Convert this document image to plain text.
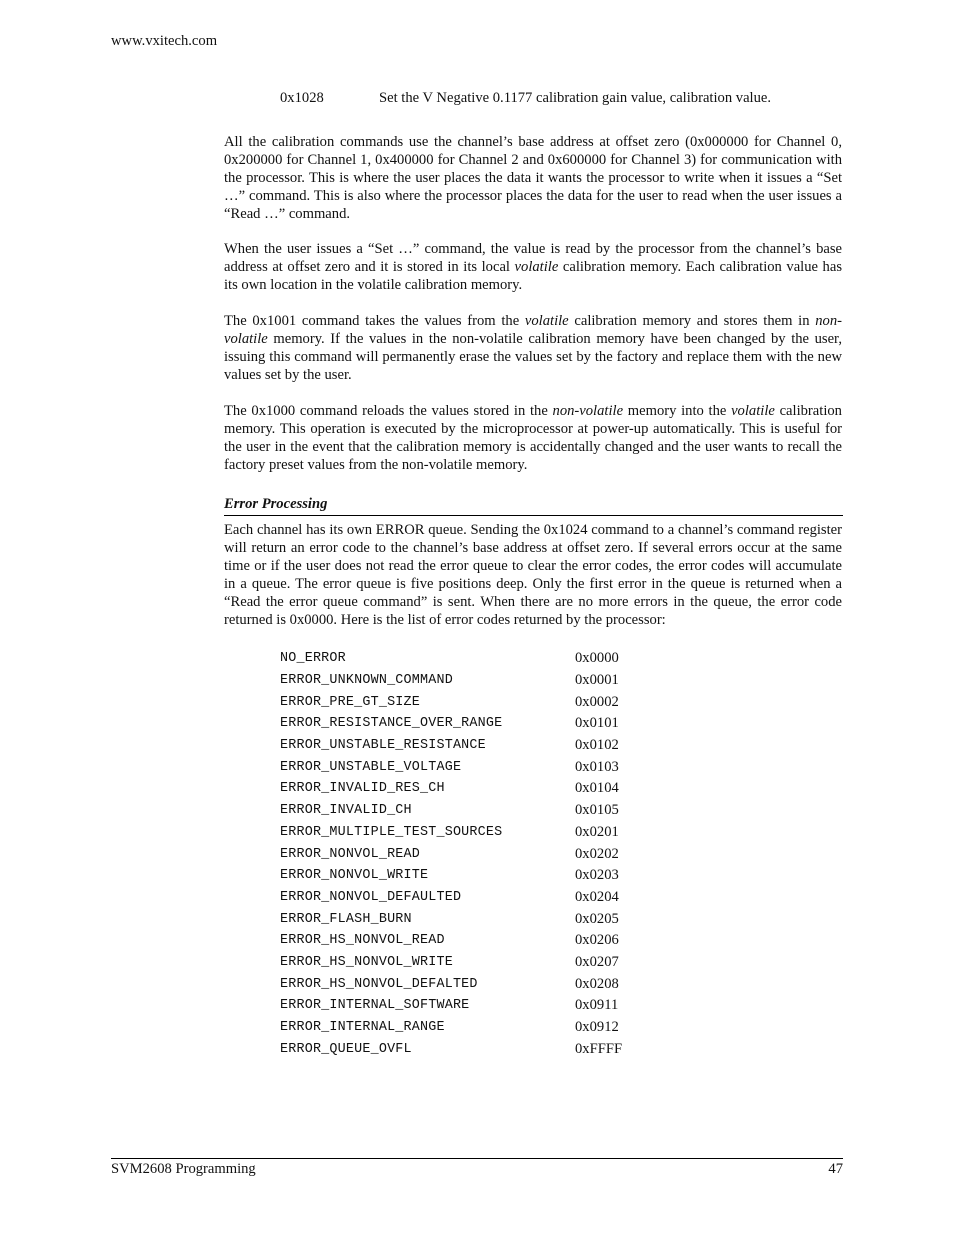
www.vxitech.com
0x1028	Set the V Negative 0.1177 calibration gain value, calibration value.

All the calibration commands use the channel’s base address at offset zero (0x000000 for Channel 0, 0x200000 for Channel 1, 0x400000 for Channel 2 and 0x600000 for Channel 3) for communication with the processor. This is where the user places the data it wants the processor to write when it issues a “Set …” command. This is also where the processor places the data for the user to read when the user issues a “Read …” command.

When the user issues a “Set …” command, the value is read by the processor from the channel’s base address at offset zero and it is stored in its local volatile calibration memory. Each calibration value has its own location in the volatile calibration memory.

The 0x1001 command takes the values from the volatile calibration memory and stores them in non-volatile memory. If the values in the non-volatile calibration memory have been changed by the user, issuing this command will permanently erase the values set by the factory and replace them with the new values set by the user.

The 0x1000 command reloads the values stored in the non-volatile memory into the volatile calibration memory. This operation is executed by the microprocessor at power-up automatically. This is useful for the user in the event that the calibration memory is accidentally changed and the user wants to recall the factory preset values from the non-volatile memory.

Error Processing

Each channel has its own ERROR queue. Sending the 0x1024 command to a channel’s command register will return an error code to the channel’s base address at offset zero. If several errors occur at the same time or if the user does not read the error queue to clear the error codes, the error codes will accumulate in a queue. The error queue is five positions deep. Only the first error in the queue is returned when a “Read the error queue command” is sent. When there are no more errors in the queue, the error code returned is 0x0000. Here is the list of error codes returned by the processor:

NO_ERROR	0x0000
ERROR_UNKNOWN_COMMAND	0x0001
ERROR_PRE_GT_SIZE	0x0002
ERROR_RESISTANCE_OVER_RANGE	0x0101
ERROR_UNSTABLE_RESISTANCE	0x0102
ERROR_UNSTABLE_VOLTAGE	0x0103
ERROR_INVALID_RES_CH	0x0104
ERROR_INVALID_CH	0x0105
ERROR_MULTIPLE_TEST_SOURCES	0x0201
ERROR_NONVOL_READ	0x0202
ERROR_NONVOL_WRITE	0x0203
ERROR_NONVOL_DEFAULTED	0x0204
ERROR_FLASH_BURN	0x0205
ERROR_HS_NONVOL_READ	0x0206
ERROR_HS_NONVOL_WRITE	0x0207
ERROR_HS_NONVOL_DEFALTED	0x0208
ERROR_INTERNAL_SOFTWARE	0x0911
ERROR_INTERNAL_RANGE	0x0912
ERROR_QUEUE_OVFL	0xFFFF
SVM2608 Programming	47
